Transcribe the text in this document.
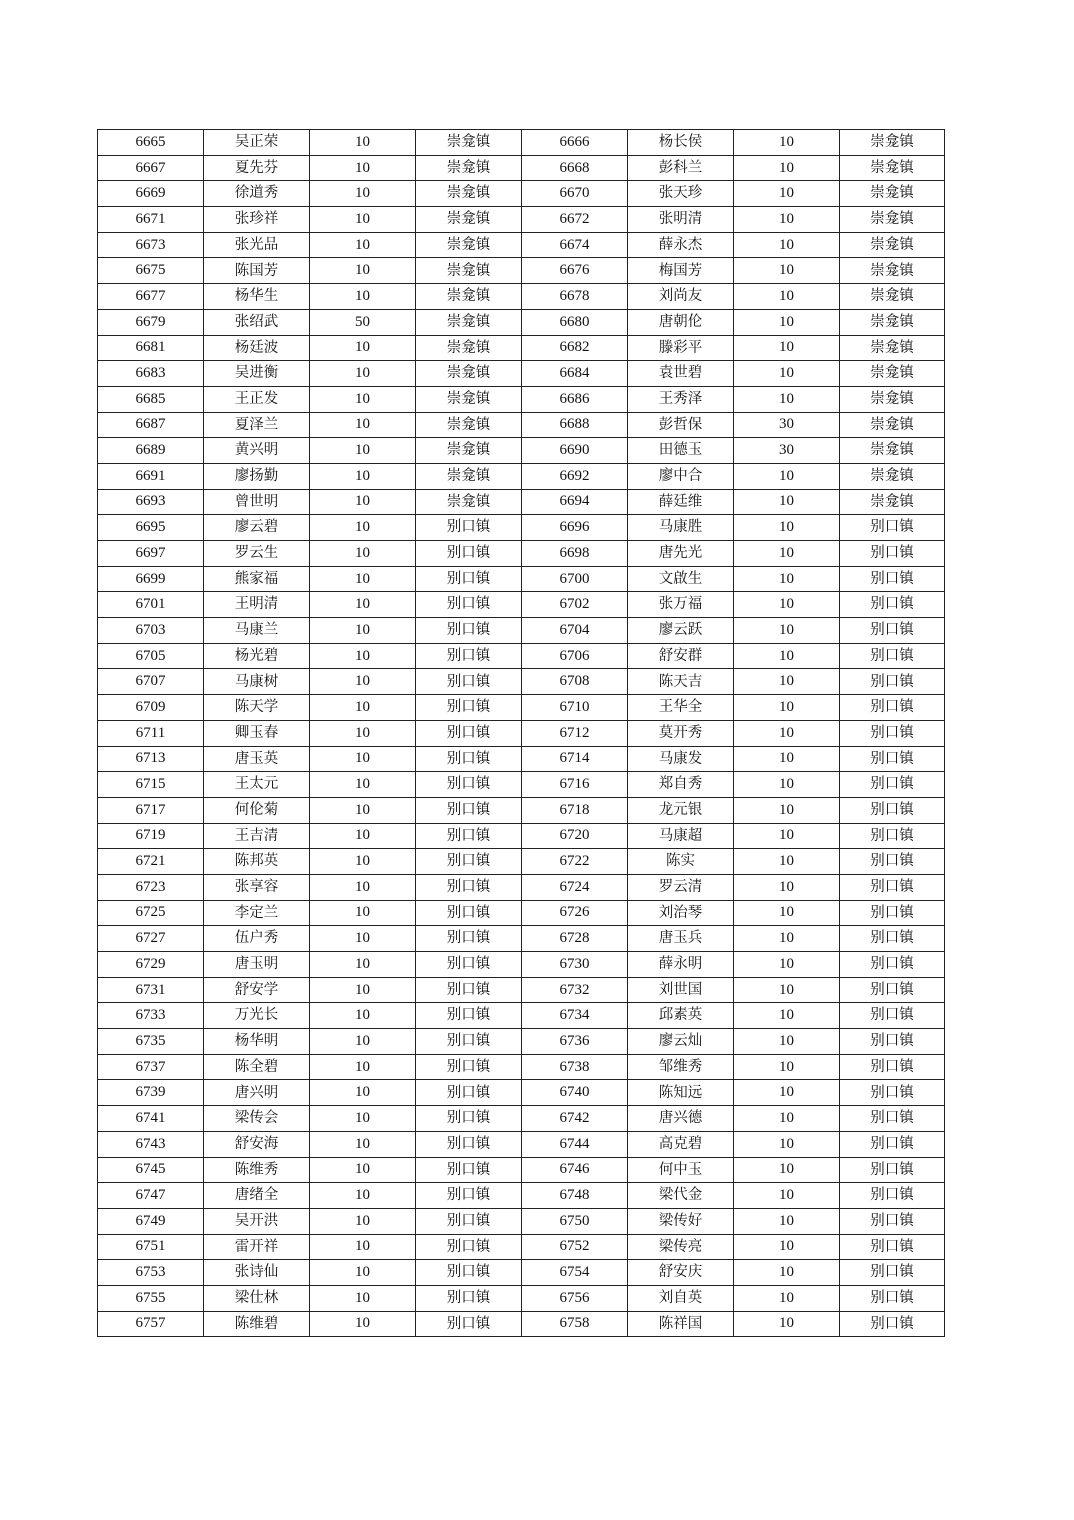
6665	吴正荣	10	崇龛镇	6666	杨长侯	10	崇龛镇
6667	夏先芬	10	崇龛镇	6668	彭科兰	10	崇龛镇
6669	徐道秀	10	崇龛镇	6670	张天珍	10	崇龛镇
6671	张珍祥	10	崇龛镇	6672	张明清	10	崇龛镇
6673	张光品	10	崇龛镇	6674	薛永杰	10	崇龛镇
6675	陈国芳	10	崇龛镇	6676	梅国芳	10	崇龛镇
6677	杨华生	10	崇龛镇	6678	刘尚友	10	崇龛镇
6679	张绍武	50	崇龛镇	6680	唐朝伦	10	崇龛镇
6681	杨廷波	10	崇龛镇	6682	滕彩平	10	崇龛镇
6683	吴进衡	10	崇龛镇	6684	袁世碧	10	崇龛镇
6685	王正发	10	崇龛镇	6686	王秀泽	10	崇龛镇
6687	夏泽兰	10	崇龛镇	6688	彭哲保	30	崇龛镇
6689	黄兴明	10	崇龛镇	6690	田德玉	30	崇龛镇
6691	廖扬勤	10	崇龛镇	6692	廖中合	10	崇龛镇
6693	曾世明	10	崇龛镇	6694	薛廷维	10	崇龛镇
6695	廖云碧	10	别口镇	6696	马康胜	10	别口镇
6697	罗云生	10	别口镇	6698	唐先光	10	别口镇
6699	熊家福	10	别口镇	6700	文啟生	10	别口镇
6701	王明清	10	别口镇	6702	张万福	10	别口镇
6703	马康兰	10	别口镇	6704	廖云跃	10	别口镇
6705	杨光碧	10	别口镇	6706	舒安群	10	别口镇
6707	马康树	10	别口镇	6708	陈天吉	10	别口镇
6709	陈天学	10	别口镇	6710	王华全	10	别口镇
6711	卿玉春	10	别口镇	6712	莫开秀	10	别口镇
6713	唐玉英	10	别口镇	6714	马康发	10	别口镇
6715	王太元	10	别口镇	6716	郑自秀	10	别口镇
6717	何伦菊	10	别口镇	6718	龙元银	10	别口镇
6719	王吉清	10	别口镇	6720	马康超	10	别口镇
6721	陈邦英	10	别口镇	6722	陈实	10	别口镇
6723	张享容	10	别口镇	6724	罗云清	10	别口镇
6725	李定兰	10	别口镇	6726	刘治琴	10	别口镇
6727	伍户秀	10	别口镇	6728	唐玉兵	10	别口镇
6729	唐玉明	10	别口镇	6730	薛永明	10	别口镇
6731	舒安学	10	别口镇	6732	刘世国	10	别口镇
6733	万光长	10	别口镇	6734	邱素英	10	别口镇
6735	杨华明	10	别口镇	6736	廖云灿	10	别口镇
6737	陈全碧	10	别口镇	6738	邹维秀	10	别口镇
6739	唐兴明	10	别口镇	6740	陈知远	10	别口镇
6741	梁传会	10	别口镇	6742	唐兴德	10	别口镇
6743	舒安海	10	别口镇	6744	高克碧	10	别口镇
6745	陈维秀	10	别口镇	6746	何中玉	10	别口镇
6747	唐绪全	10	别口镇	6748	梁代金	10	别口镇
6749	吴开洪	10	别口镇	6750	梁传好	10	别口镇
6751	雷开祥	10	别口镇	6752	梁传亮	10	别口镇
6753	张诗仙	10	别口镇	6754	舒安庆	10	别口镇
6755	梁仕林	10	别口镇	6756	刘自英	10	别口镇
6757	陈维碧	10	别口镇	6758	陈祥国	10	别口镇
